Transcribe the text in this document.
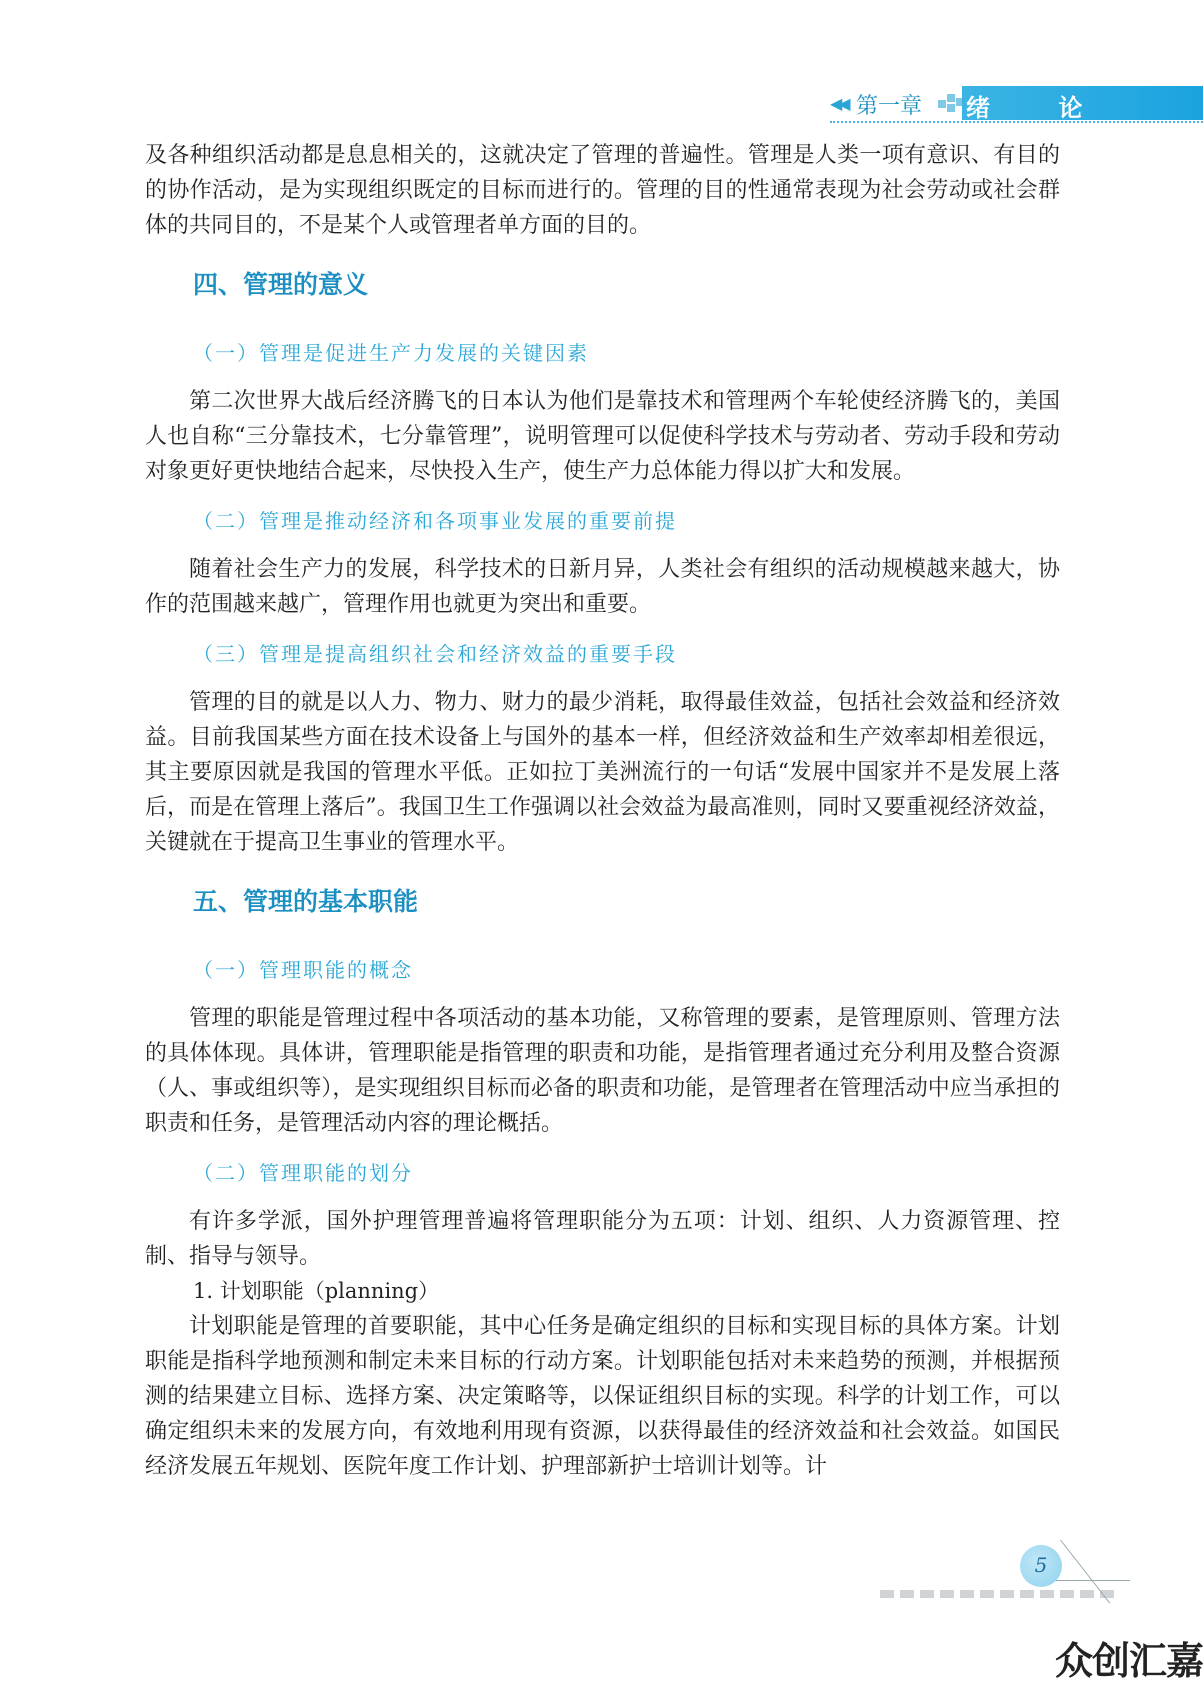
◀◀ 第一章 绪 论

及各种组织活动都是息息相关的，这就决定了管理的普遍性。管理是人类一项有意识、有目的的协作活动，是为实现组织既定的目标而进行的。管理的目的性通常表现为社会劳动或社会群体的共同目的，不是某个人或管理者单方面的目的。

四、管理的意义

（一）管理是促进生产力发展的关键因素

第二次世界大战后经济腾飞的日本认为他们是靠技术和管理两个车轮使经济腾飞的，美国人也自称“三分靠技术，七分靠管理”，说明管理可以促使科学技术与劳动者、劳动手段和劳动对象更好更快地结合起来，尽快投入生产，使生产力总体能力得以扩大和发展。

（二）管理是推动经济和各项事业发展的重要前提

随着社会生产力的发展，科学技术的日新月异，人类社会有组织的活动规模越来越大，协作的范围越来越广，管理作用也就更为突出和重要。

（三）管理是提高组织社会和经济效益的重要手段

管理的目的就是以人力、物力、财力的最少消耗，取得最佳效益，包括社会效益和经济效益。目前我国某些方面在技术设备上与国外的基本一样，但经济效益和生产效率却相差很远，其主要原因就是我国的管理水平低。正如拉丁美洲流行的一句话“发展中国家并不是发展上落后，而是在管理上落后”。我国卫生工作强调以社会效益为最高准则，同时又要重视经济效益，关键就在于提高卫生事业的管理水平。

五、管理的基本职能

（一）管理职能的概念

管理的职能是管理过程中各项活动的基本功能，又称管理的要素，是管理原则、管理方法的具体体现。具体讲，管理职能是指管理的职责和功能，是指管理者通过充分利用及整合资源（人、事或组织等），是实现组织目标而必备的职责和功能，是管理者在管理活动中应当承担的职责和任务，是管理活动内容的理论概括。

（二）管理职能的划分

有许多学派，国外护理管理普遍将管理职能分为五项：计划、组织、人力资源管理、控制、指导与领导。

1. 计划职能（planning）

计划职能是管理的首要职能，其中心任务是确定组织的目标和实现目标的具体方案。计划职能是指科学地预测和制定未来目标的行动方案。计划职能包括对未来趋势的预测，并根据预测的结果建立目标、选择方案、决定策略等，以保证组织目标的实现。科学的计划工作，可以确定组织未来的发展方向，有效地利用现有资源，以获得最佳的经济效益和社会效益。如国民经济发展五年规划、医院年度工作计划、护理部新护士培训计划等。计

5
众创汇嘉
